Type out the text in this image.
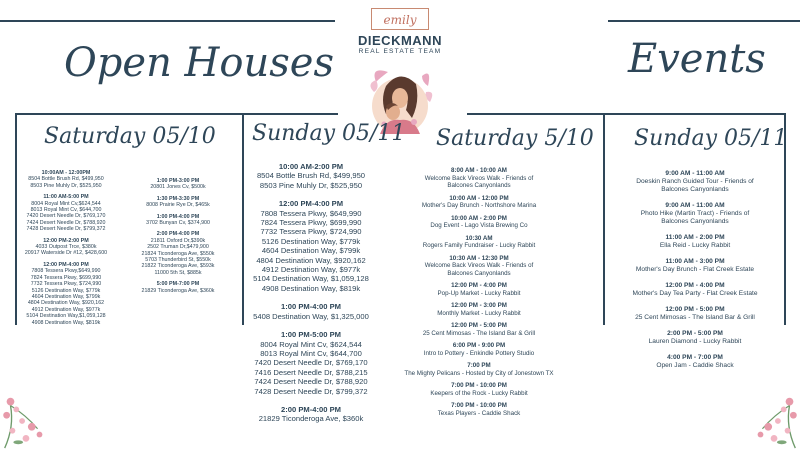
Open Houses	Events
emily
DIECKMANN
REAL ESTATE TEAM
Saturday 05/10
10:00AM - 12:00PM
8504 Bottle Brush Rd, $499,950
8503 Pine Muhly Dr, $525,950
11:00 AM-5:00 PM
8004 Royal Mint Cv,$624,544
8013 Royal Mint Cv, $644,700
7420 Desert Needle Dr, $769,170
7424 Desert Needle Dr, $788,920
7428 Desert Needle Dr, $799,372
12:00 PM-2:00 PM
4033 Outpost Trce, $380k
20917 Waterside Dr #12, $428,600
12:00 PM-4:00 PM
7808 Tessera Pkwy,$649,990
7824 Tessera Pkwy, $699,990
7732 Tessera Pkwy, $724,990
5126 Destination Way, $779k
4604 Destination Way, $799k
4804 Destination Way, $920,162
4912 Destination Way, $977k
5104 Destination Way,$1,059,128
4908 Destination Way, $819k
1:00 PM-3:00 PM
20801 Jones Cv, $500k
1:30 PM-3:30 PM
8008 Prairie Rye Dr, $465k
1:00 PM-4:00 PM
3702 Bunyan Cv, $374,900
2:00 PM-4:00 PM
21811 Oxford Dr,$390k
2502 Truman Dr,$479,900
21824 Ticonderoga Ave, $550k
5703 Thunderbird St, $550k
21822 Ticonderoga Ave, $593k
11000 5th St, $885k
5:00 PM-7:00 PM
21829 Ticonderoga Ave, $360k
Sunday 05/11
10:00 AM-2:00 PM
8504 Bottle Brush Rd, $499,950
8503 Pine Muhly Dr, $525,950
12:00 PM-4:00 PM
7808 Tessera Pkwy, $649,990
7824 Tessera Pkwy, $699,990
7732 Tessera Pkwy, $724,990
5126 Destination Way, $779k
4604 Destination Way, $799k
4804 Destination Way, $920,162
4912 Destination Way, $977k
5104 Destination Way, $1,059,128
4908 Destination Way, $819k
1:00 PM-4:00 PM
5408 Destination Way, $1,325,000
1:00 PM-5:00 PM
8004 Royal Mint Cv, $624,544
8013 Royal Mint Cv, $644,700
7420 Desert Needle Dr, $769,170
7416 Desert Needle Dr, $788,215
7424 Desert Needle Dr, $788,920
7428 Desert Needle Dr, $799,372
2:00 PM-4:00 PM
21829 Ticonderoga Ave, $360k
Saturday 5/10
8:00 AM - 10:00 AM
Welcome Back Vireos Walk - Friends of
Balcones Canyonlands
10:00 AM - 12:00 PM
Mother's Day Brunch - Northshore Marina
10:00 AM - 2:00 PM
Dog Event - Lago Vista Brewing Co
10:30 AM
Rogers Family Fundraiser - Lucky Rabbit
10:30 AM - 12:30 PM
Welcome Back Vireos Walk - Friends of
Balcones Canyonlands
12:00 PM - 4:00 PM
Pop-Up Market - Lucky Rabbit
12:00 PM - 3:00 PM
Monthly Market - Lucky Rabbit
12:00 PM - 5:00 PM
25 Cent Mimosas - The Island Bar & Grill
6:00 PM - 9:00 PM
Intro to Pottery - Enkindle Pottery Studio
7:00 PM
The Mighty Pelicans - Hosted by City of Jonestown TX
7:00 PM - 10:00 PM
Keepers of the Rock - Lucky Rabbit
7:00 PM - 10:00 PM
Texas Players - Caddie Shack
Sunday 05/11
9:00 AM - 11:00 AM
Doeskin Ranch Guided Tour - Friends of
Balcones Canyonlands
9:00 AM - 11:00 AM
Photo Hike (Martin Tract) - Friends of
Balcones Canyonlands
11:00 AM - 2:00 PM
Ella Reid - Lucky Rabbit
11:00 AM - 3:00 PM
Mother's Day Brunch - Flat Creek Estate
12:00 PM - 4:00 PM
Mother's Day Tea Party - Flat Creek Estate
12:00 PM - 5:00 PM
25 Cent Mimosas - The Island Bar & Grill
2:00 PM - 5:00 PM
Lauren Diamond - Lucky Rabbit
4:00 PM - 7:00 PM
Open Jam - Caddie Shack
